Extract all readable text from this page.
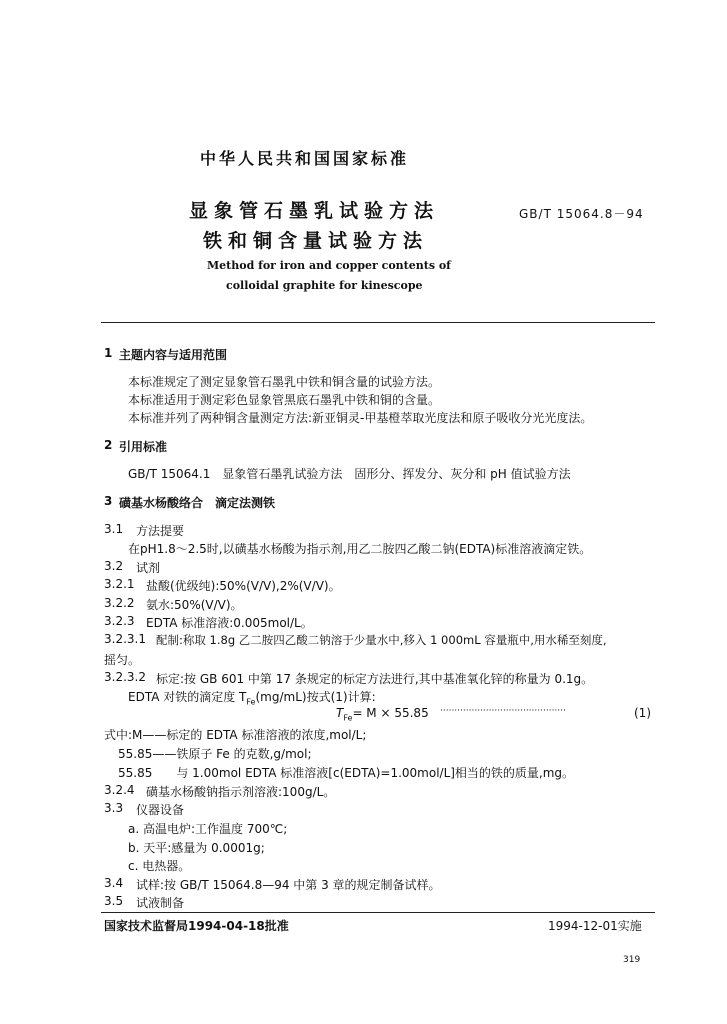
中华人民共和国国家标准
显象管石墨乳试验方法
铁和铜含量试验方法
GB/T 15064.8－94
Method for iron and copper contents of
colloidal graphite for kinescope
1 主题内容与适用范围
本标准规定了测定显象管石墨乳中铁和铜含量的试验方法。
本标准适用于测定彩色显象管黑底石墨乳中铁和铜的含量。
本标准并列了两种铜含量测定方法:新亚铜灵-甲基橙萃取光度法和原子吸收分光光度法。
2 引用标准
GB/T 15064.1　显象管石墨乳试验方法　固形分、挥发分、灰分和 pH 值试验方法
3 磺基水杨酸络合　滴定法测铁
3.1 方法提要
在pH1.8～2.5时,以磺基水杨酸为指示剂,用乙二胺四乙酸二钠(EDTA)标准溶液滴定铁。
3.2 试剂
3.2.1 盐酸(优级纯):50%(V/V),2%(V/V)。
3.2.2 氨水:50%(V/V)。
3.2.3 EDTA 标准溶液:0.005mol/L。
3.2.3.1 配制:称取 1.8g 乙二胺四乙酸二钠溶于少量水中,移入 1 000mL 容量瓶中,用水稀至刻度,
摇匀。
3.2.3.2 标定:按 GB 601 中第 17 条规定的标定方法进行,其中基准氧化锌的称量为 0.1g。
EDTA 对铁的滴定度 $T_{Fe}(mg/mL)$按式(1)计算:
$T_{Fe}= M \times 55.85$ ············································	(1)
式中:M——标定的 EDTA 标准溶液的浓度,mol/L;
55.85——铁原子 Fe 的克数,g/mol;
55.85　　与 1.00mol EDTA 标准溶液[c(EDTA)=1.00mol/L]相当的铁的质量,mg。
3.2.4 磺基水杨酸钠指示剂溶液:100g/L。
3.3 仪器设备
a. 高温电炉:工作温度 700℃;
b. 天平:感量为 0.0001g;
c. 电热器。
3.4 试样:按 GB/T 15064.8—94 中第 3 章的规定制备试样。
3.5 试液制备
国家技术监督局1994-04-18批准	1994-12-01实施
319
